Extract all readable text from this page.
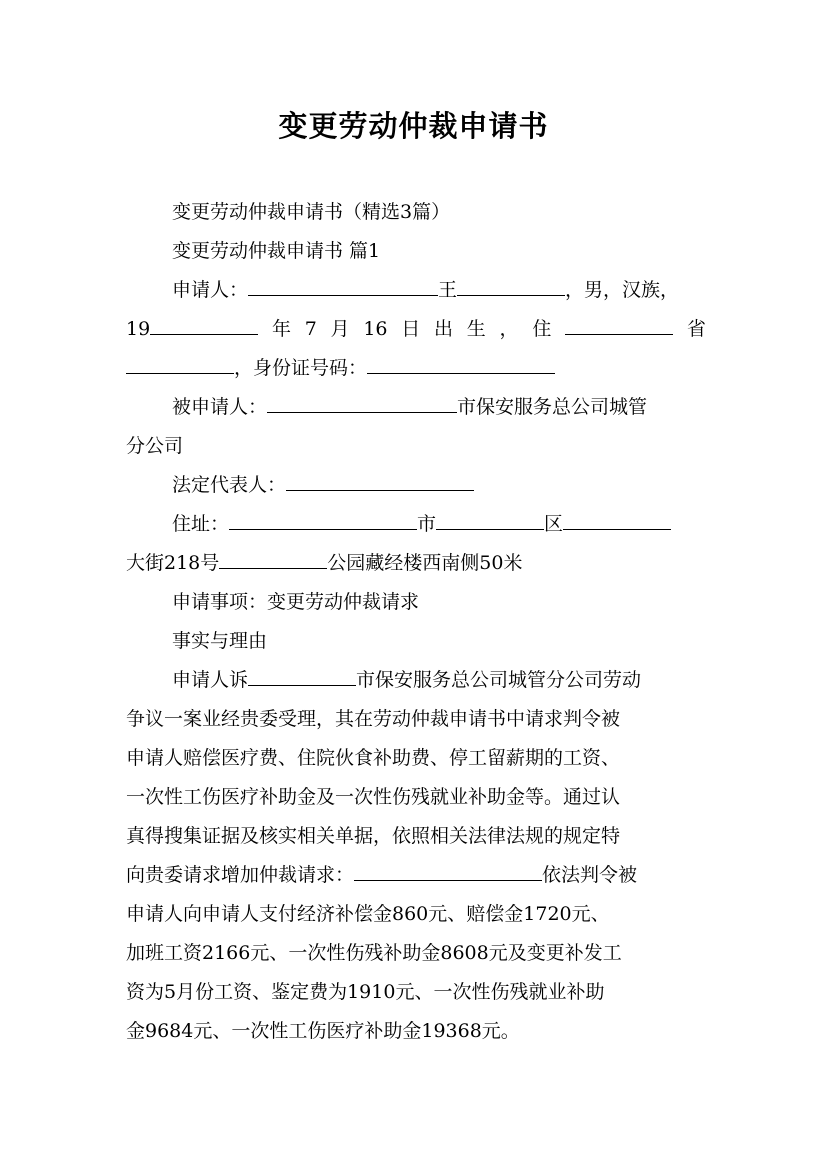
变更劳动仲裁申请书
变更劳动仲裁申请书（精选3篇）
变更劳动仲裁申请书 篇1
申请人：	王	，男，汉族，
19	年 7 月 16 日 出 生 ， 住	省
，身份证号码：
被申请人：	市保安服务总公司城管
分公司
法定代表人：
住址：	市	区
大街218号	公园藏经楼西南侧50米
申请事项：变更劳动仲裁请求
事实与理由
申请人诉	市保安服务总公司城管分公司劳动
争议一案业经贵委受理，其在劳动仲裁申请书中请求判令被
申请人赔偿医疗费、住院伙食补助费、停工留薪期的工资、
一次性工伤医疗补助金及一次性伤残就业补助金等。通过认
真得搜集证据及核实相关单据，依照相关法律法规的规定特
向贵委请求增加仲裁请求：	依法判令被
申请人向申请人支付经济补偿金860元、赔偿金1720元、
加班工资2166元、一次性伤残补助金8608元及变更补发工
资为5月份工资、鉴定费为1910元、一次性伤残就业补助
金9684元、一次性工伤医疗补助金19368元。
